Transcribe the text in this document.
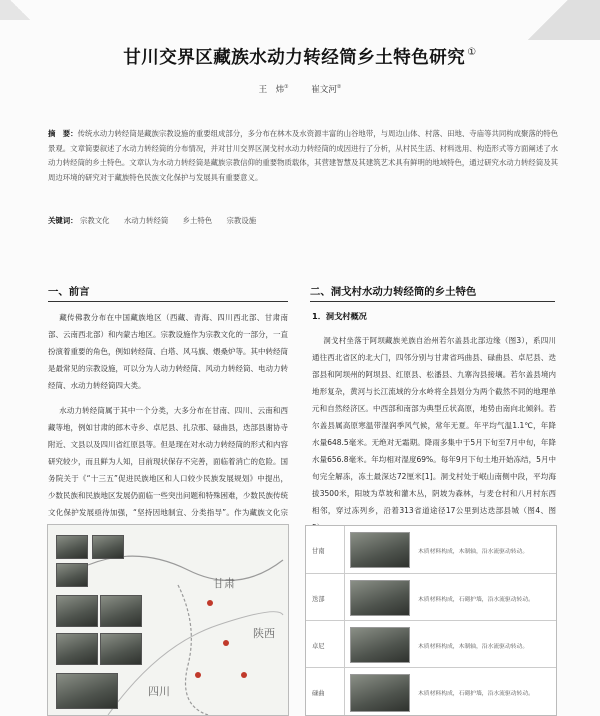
甘川交界区藏族水动力转经筒乡土特色研究 ①
王　炜①	崔文河②
摘　要：传统水动力转经筒是藏族宗教设施的重要组成部分，多分布在林木及水资源丰富的山谷地带，与周边山体、村落、田地、寺庙等共同构成聚落的特色景观。文章简要叙述了水动力转经筒的分布情况，并对甘川交界区洞戈村水动力转经筒的成因进行了分析，从村民生活、材料选用、构造形式等方面阐述了水动力转经筒的乡土特色。文章认为水动力转经筒是藏族宗教信仰的重要物质载体，其营建智慧及其建筑艺术具有鲜明的地域特色，通过研究水动力转经筒及其周边环境的研究对于藏族特色民族文化保护与发展具有重要意义。
关键词： 宗教文化 水动力转经筒 乡土特色 宗教设施
一、前言

藏传佛教分布在中国藏族地区（西藏、青海、四川西北部、甘肃南部、云南西北部）和内蒙古地区。宗教设施作为宗教文化的一部分，一直扮演着重要的角色，例如转经筒、白塔、风马旗、煨桑炉等。其中转经筒是最常见的宗教设施，可以分为人动力转经筒、风动力转经筒、电动力转经筒、水动力转经筒四大类。

水动力转经筒属于其中一个分类，大多分布在甘南、四川、云南和西藏等地，例如甘肃的郎木寺乡、卓尼县、扎尕那、碌曲县，迭部县谢协寺附近、文县以及四川省红原县等。但是现在对水动力转经筒的形式和内容研究较少，而且鲜为人知，目前现状保存不完善，面临着消亡的危险。国务院关于《“十三五”促进民族地区和人口较少民族发展规划》中提出，少数民族和民族地区发展仍面临一些突出问题和特殊困难，少数民族传统文化保护发展亟待加强，“坚持因地制宜、分类指导”。作为藏族文化宗

二、洞戈村水动力转经筒的乡土特色
1．洞戈村概况

洞戈村坐落于阿坝藏族羌族自治州若尔盖县北部边缘（图3），系四川通往西北省区的北大门，四邻分别与甘肃省玛曲县、碌曲县、卓尼县、迭部县和阿坝州的阿坝县、红原县、松潘县、九寨沟县接壤。若尔盖县境内地形复杂，黄河与长江流域的分水岭将全县划分为两个截然不同的地理单元和自然经济区。中西部和南部为典型丘状高原，地势由南向北倾斜。若尔盖县属高原寒温带湿润季风气候，常年无夏。年平均气温1.1℃，年降水量648.5毫米。无绝对无霜期。降雨多集中于5月下旬至7月中旬，年降水量656.8毫米。年均相对湿度69%。每年9月下旬土地开始冻结，5月中旬完全解冻，冻土最深达72厘米[1]。洞戈村处于岷山南侧中段，平均海拔3500米，阳坡为草坡和灌木丛，阴坡为森林，与麦仓村和八月村东西相邻，穿过冻列乡，沿着313省道途径17公里到达迭部县城（图4、图

甘肃
陕西
四川
甘南	木质材料构成，木制轴，沿水流驱动转动。
迭部	木质材料构成，石砌护墙，沿水流驱动转动。
卓尼	木质材料构成，木制轴，沿水流驱动转动。
碌曲	木质材料构成，石砌护墙，沿水流驱动转动。
